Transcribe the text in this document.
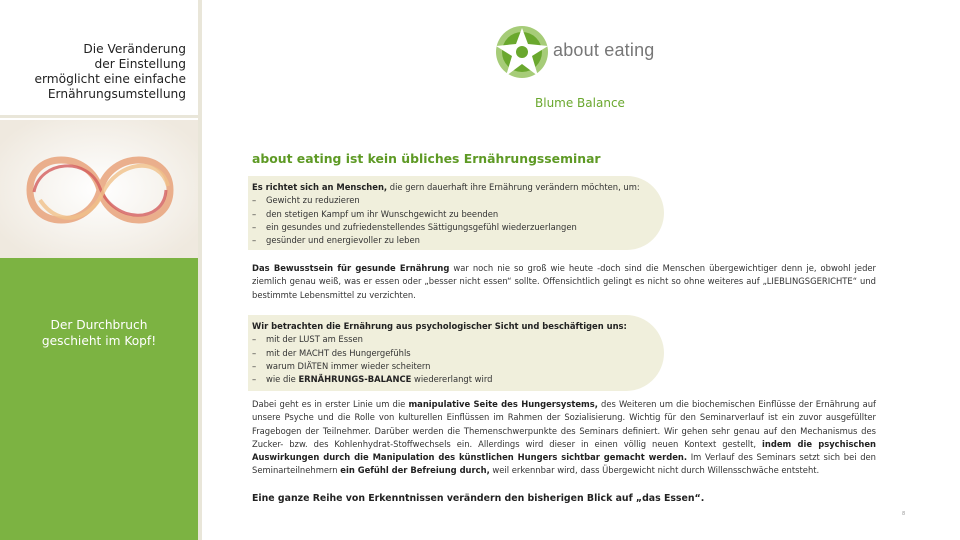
Die Veränderung
der Einstellung
ermöglicht eine einfache
Ernährungsumstellung
Der Durchbruch
geschieht im Kopf!
about eating
Blume Balance
about eating ist kein übliches Ernährungsseminar
Es richtet sich an Menschen, die gern dauerhaft ihre Ernährung verändern möchten, um:
– Gewicht zu reduzieren
– den stetigen Kampf um ihr Wunschgewicht zu beenden
– ein gesundes und zufriedenstellendes Sättigungsgefühl wiederzuerlangen
– gesünder und energievoller zu leben
Das Bewusstsein für gesunde Ernährung war noch nie so groß wie heute -doch sind die Menschen übergewichtiger denn je, obwohl jeder ziemlich genau weiß, was er essen oder „besser nicht essen“ sollte. Offensichtlich gelingt es nicht so ohne weiteres auf „LIEBLINGSGERICHTE“ und bestimmte Lebensmittel zu verzichten.
Wir betrachten die Ernährung aus psychologischer Sicht und beschäftigen uns:
– mit der LUST am Essen
– mit der MACHT des Hungergefühls
– warum DIÄTEN immer wieder scheitern
– wie die ERNÄHRUNGS-BALANCE wiedererlangt wird
Dabei geht es in erster Linie um die manipulative Seite des Hungersystems, des Weiteren um die biochemischen Einflüsse der Ernährung auf unsere Psyche und die Rolle von kulturellen Einflüssen im Rahmen der Sozialisierung. Wichtig für den Seminarverlauf ist ein zuvor ausgefüllter Fragebogen der Teilnehmer. Darüber werden die Themenschwerpunkte des Seminars definiert. Wir gehen sehr genau auf den Mechanismus des Zucker- bzw. des Kohlenhydrat-Stoffwechsels ein. Allerdings wird dieser in einen völlig neuen Kontext gestellt, indem die psychischen Auswirkungen durch die Manipulation des künstlichen Hungers sichtbar gemacht werden. Im Verlauf des Seminars setzt sich bei den Seminarteilnehmern ein Gefühl der Befreiung durch, weil erkennbar wird, dass Übergewicht nicht durch Willensschwäche entsteht.
Eine ganze Reihe von Erkenntnissen verändern den bisherigen Blick auf „das Essen“.
8
